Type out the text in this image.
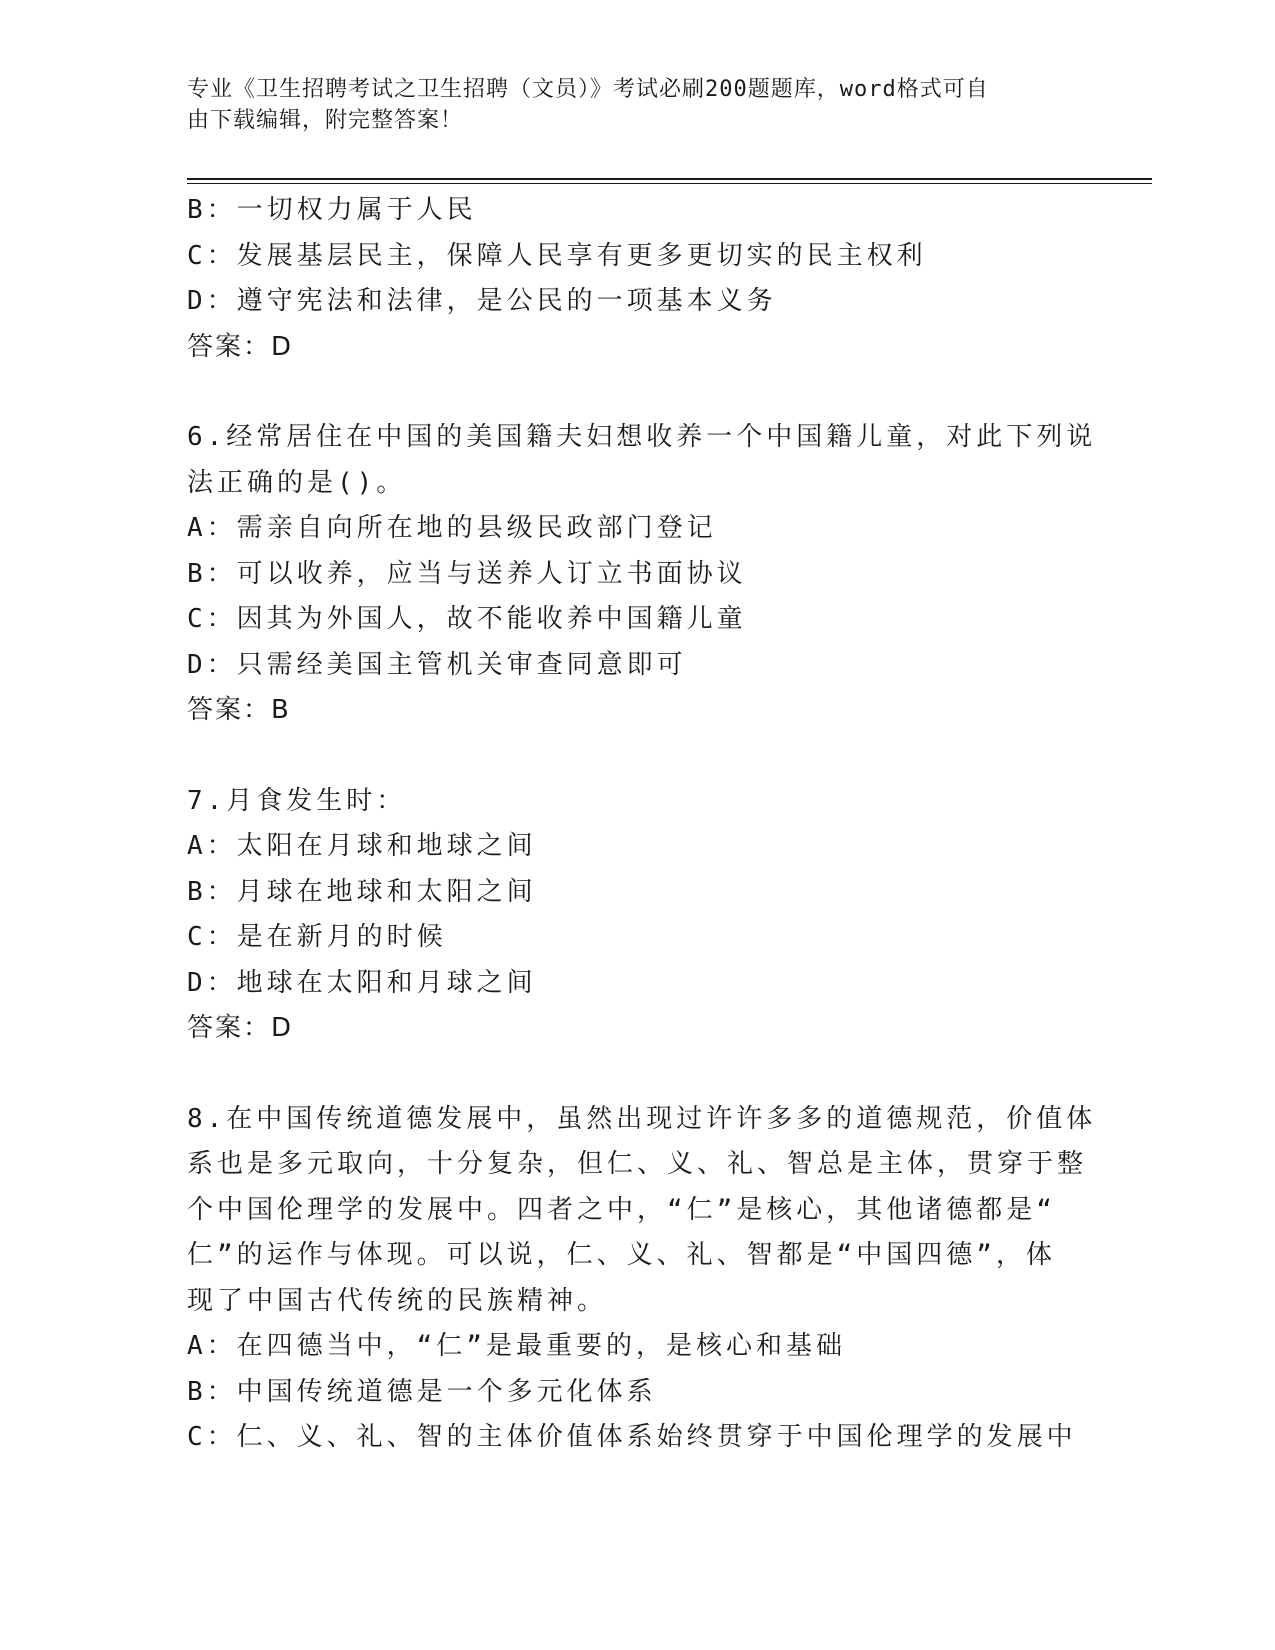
专业《卫生招聘考试之卫生招聘（文员）》考试必刷200题题库，word格式可自
由下载编辑，附完整答案！
B：一切权力属于人民
C：发展基层民主，保障人民享有更多更切实的民主权利
D：遵守宪法和法律，是公民的一项基本义务
答案：D
6.经常居住在中国的美国籍夫妇想收养一个中国籍儿童，对此下列说
法正确的是()。
A：需亲自向所在地的县级民政部门登记
B：可以收养，应当与送养人订立书面协议
C：因其为外国人，故不能收养中国籍儿童
D：只需经美国主管机关审查同意即可
答案：B
7.月食发生时：
A：太阳在月球和地球之间
B：月球在地球和太阳之间
C：是在新月的时候
D：地球在太阳和月球之间
答案：D
8.在中国传统道德发展中，虽然出现过许许多多的道德规范，价值体
系也是多元取向，十分复杂，但仁、义、礼、智总是主体，贯穿于整
个中国伦理学的发展中。四者之中，“仁”是核心，其他诸德都是“
仁”的运作与体现。可以说，仁、义、礼、智都是“中国四德”，体
现了中国古代传统的民族精神。
A：在四德当中，“仁”是最重要的，是核心和基础
B：中国传统道德是一个多元化体系
C：仁、义、礼、智的主体价值体系始终贯穿于中国伦理学的发展中
